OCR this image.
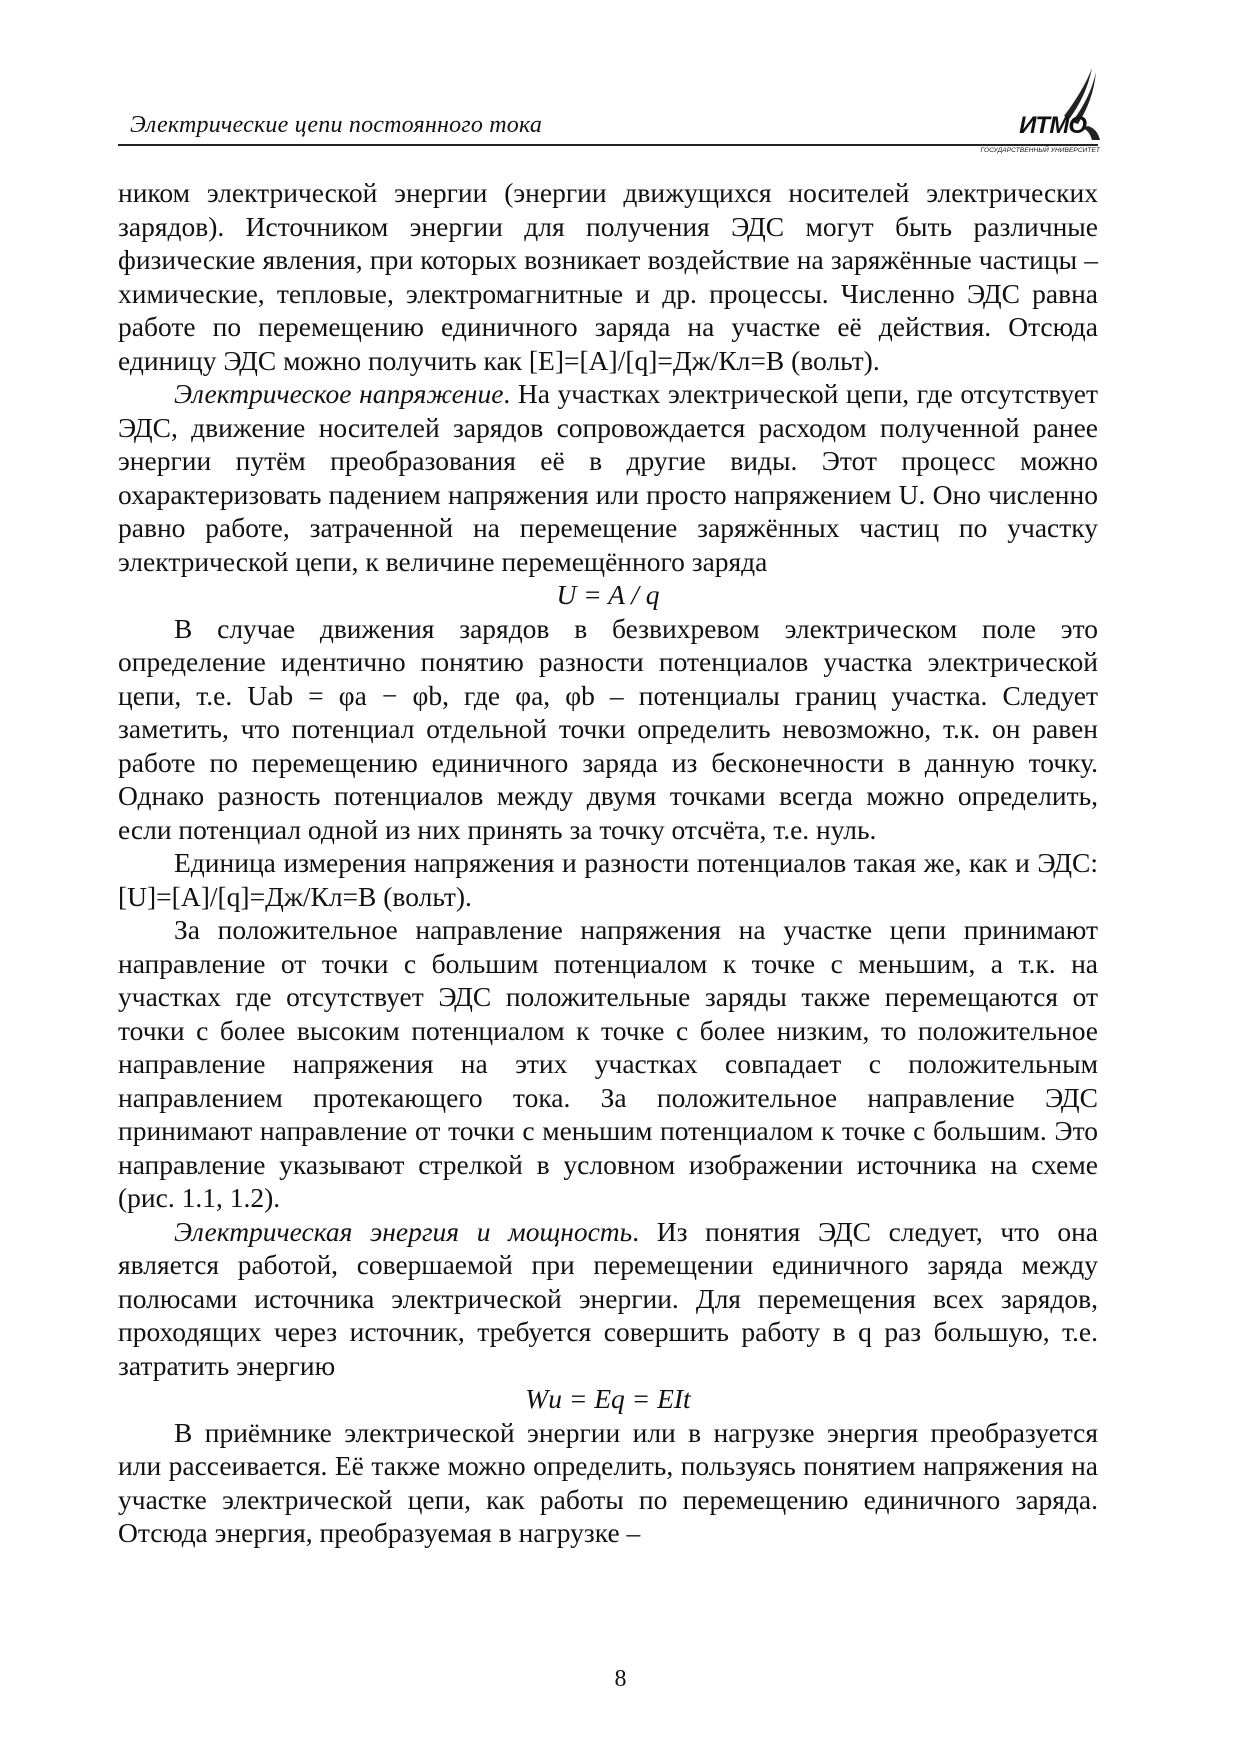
Электрические цепи постоянного тока	ИТМО
ГОСУДАРСТВЕННЫЙ УНИВЕРСИТЕТ

ником электрической энергии (энергии движущихся носителей электрических зарядов). Источником энергии для получения ЭДС могут быть различные физические явления, при которых возникает воздействие на заряжённые частицы – химические, тепловые, электромагнитные и др. процессы. Численно ЭДС равна работе по перемещению единичного заряда на участке её действия. Отсюда единицу ЭДС можно получить как [E]=[A]/[q]=Дж/Кл=В (вольт).

Электрическое напряжение. На участках электрической цепи, где отсутствует ЭДС, движение носителей зарядов сопровождается расходом полученной ранее энергии путём преобразования её в другие виды. Этот процесс можно охарактеризовать падением напряжения или просто напряжением U. Оно численно равно работе, затраченной на перемещение заряжённых частиц по участку электрической цепи, к величине перемещённого заряда

U = A / q

В случае движения зарядов в безвихревом электрическом поле это определение идентично понятию разности потенциалов участка электрической цепи, т.е. Uab = φa − φb, где φa, φb – потенциалы границ участка. Следует заметить, что потенциал отдельной точки определить невозможно, т.к. он равен работе по перемещению единичного заряда из бесконечности в данную точку. Однако разность потенциалов между двумя точками всегда можно определить, если потенциал одной из них принять за точку отсчёта, т.е. нуль.

Единица измерения напряжения и разности потенциалов такая же, как и ЭДС: [U]=[A]/[q]=Дж/Кл=В (вольт).

За положительное направление напряжения на участке цепи принимают направление от точки с большим потенциалом к точке с меньшим, а т.к. на участках где отсутствует ЭДС положительные заряды также перемещаются от точки с более высоким потенциалом к точке с более низким, то положительное направление напряжения на этих участках совпадает с положительным направлением протекающего тока. За положительное направление ЭДС принимают направление от точки с меньшим потенциалом к точке с большим. Это направление указывают стрелкой в условном изображении источника на схеме (рис. 1.1, 1.2).

Электрическая энергия и мощность. Из понятия ЭДС следует, что она является работой, совершаемой при перемещении единичного заряда между полюсами источника электрической энергии. Для перемещения всех зарядов, проходящих через источник, требуется совершить работу в q раз большую, т.е. затратить энергию

Wи = Eq = EIt

В приёмнике электрической энергии или в нагрузке энергия преобразуется или рассеивается. Её также можно определить, пользуясь понятием напряжения на участке электрической цепи, как работы по перемещению единичного заряда. Отсюда энергия, преобразуемая в нагрузке –

8
